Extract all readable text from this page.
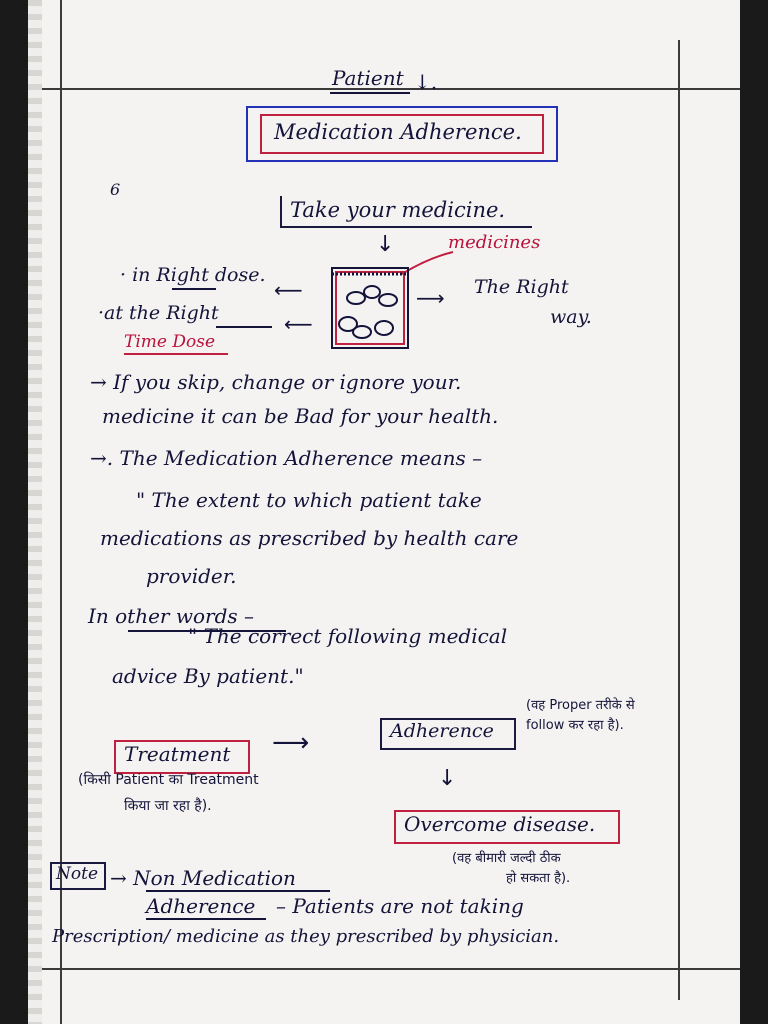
Patient ↓.
Medication Adherence.
6
Take your medicine.
↓	medicines
· in Right dose.
⟵
·at the Right	⟵
Time Dose
⟶ The Right
way.
→ If you skip, change or ignore your.
medicine it can be Bad for your health.
→. The Medication Adherence means –
" The extent to which patient take
medications as prescribed by health care
provider.
In other words –
" The correct following medical
advice By patient."
Treatment ⟶	Adherence
(वह Proper तरीके से follow कर रहा है).
↓
(किसी Patient का Treatment
किया जा रहा है).
Overcome disease.
(वह बीमारी जल्दी ठीक
हो सकता है).
Note → Non Medication
Adherence – Patients are not taking
Prescription/ medicine as they prescribed by physician.
